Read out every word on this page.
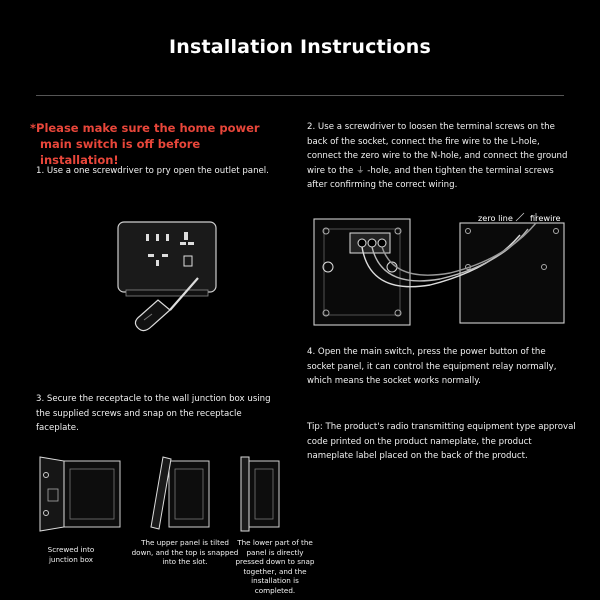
Installation Instructions
*Please make sure the home power
main switch is off before installation!
1. Use a one screwdriver to pry open the outlet panel.
2. Use a screwdriver to loosen the terminal screws on the back of the socket, connect the fire wire to the L-hole, connect the zero wire to the N-hole, and connect the ground wire to the ⏚ -hole, and then tighten the terminal screws after confirming the correct wiring.
4. Open the main switch, press the power button of the socket panel, it can control the equipment relay normally, which means the socket works normally.
3. Secure the receptacle to the wall junction box using the supplied screws and snap on the receptacle faceplate.	Tip: The product's radio transmitting equipment type approval code printed on the product nameplate, the product nameplate label placed on the back of the product.
zero line firewire
Screwed into junction box
The upper panel is tilted down, and the top is snapped into the slot.
The lower part of the panel is directly pressed down to snap together, and the installation is completed.
